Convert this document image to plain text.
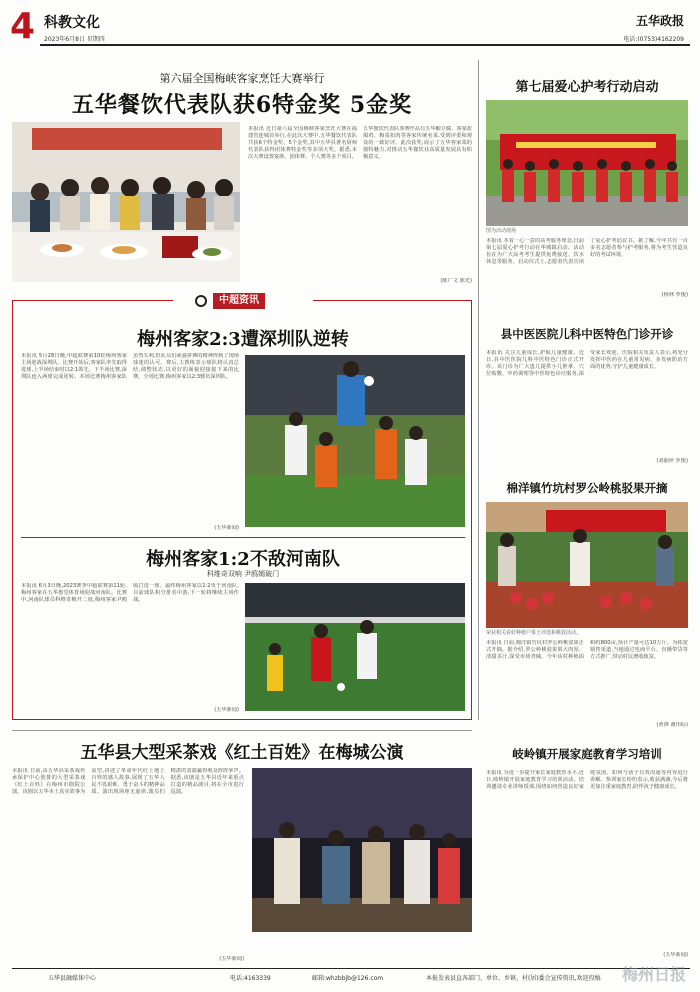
4 科教文化
2023年6月8日 星期四
五华政报
电话:(0753)4162209
第六届全国梅峡客家烹饪大赛举行
五华餐饮代表队获6特金奖 5金奖
本报讯 近日第六届全国梅峡客家烹饪大赛在福建省连城县举行,在此次大赛中,五华餐饮代表队共获6个特金奖、5个金奖,其中五华县著名厨师代表队获得团体赛特金奖等多项大奖。据悉,本次大赛设置宴席、团体赛、个人赛等多个项目。五华餐饮代表队参赛作品有五华酿豆腐、客家盐焗鸡、梅菜扣肉等客家传统名菜,受到评委和观众的一致好评。此次获奖,展示了五华客家菜的独特魅力,对推动五华餐饮业高质量发展具有积极意义。
(陈广文 陈光)
第七届爱心护考行动启动
图为活动现场
本报讯 本着一心一意的高考服务理念,日前第七届爱心护考行动在华城镇启动。活动旨在为广大高考考生提供免费接送、饮水休息等服务。启动仪式上,志愿者代表宣读了爱心护考倡议书。据了解,今年共有一百多名志愿者参与护考服务,将为考生营造良好的考试环境。
(杨林 罗俊)
中超资讯
梅州客家2:3遭深圳队逆转
本报讯 5月28日晚,中超联赛第10轮梅州客家主场迎战深圳队。比赛开始后,客家队率先取得进球,上半场结束时以2:1领先。下半场比赛,深圳队连入两球完成逆转。本场比赛梅州客家队虽然失利,但队员们顽强拼搏的精神得到了现场球迷的认可。赛后,主教练表示球队将认真总结,调整状态,以更好的面貌迎接接下来的比赛。全场比赛,梅州客家以2:3憾负深圳队。
(五华新闻)
梅州客家1:2不敌河南队
科维奇双响 尹鸥嫣破门
本报讯 6月3日晚,2023赛季中超联赛第11轮,梅州客家在五华惠堂体育场迎战河南队。比赛中,河南队球员科维奇梅开二度,梅州客家尹鸥嫣打进一球。最终梅州客家以1:2负于河南队,目前球队积分排名中游,下一轮将继续主场作战。
(五华新闻)
县中医医院儿科中医特色门诊开诊
本报讯 关注儿童成长,护航儿童健康。近日,县中医医院儿科中医特色门诊正式开诊。该门诊为广大患儿提供小儿推拿、穴位贴敷、中药调理等中医特色诊疗服务,深受家长欢迎。医院相关负责人表示,将充分发挥中医药在儿童常见病、多发病防治方面的优势,守护儿童健康成长。
(刘丽萍 罗俊)
棉洋镇竹坑村罗公岭桃驳果开摘
荣获相关看好种植户果王评选和桃驳活动。
本报讯 日前,棉洋镇竹坑村罗公岭桃驳果正式开摘。据介绍,罗公岭桃驳果果大肉厚、清甜多汁,深受市场青睐。今年该村种植面积约800亩,预计产量可达10万斤。为拓宽销售渠道,当地通过电商平台、直播带货等方式推广,带动村民增收致富。
(黄锋 谢伟标)
五华县大型采茶戏《红土百姓》在梅城公演
本报讯 日前,由五华县采茶戏传承保护中心创排的大型采茶戏《红土百姓》在梅州市剧院公演。该剧以五华本土真实故事为原型,讲述了革命年代红土地上百姓的感人故事,展现了五华人民不畏艰难、勇于奋斗的精神品质。演出现场座无虚席,演员们精湛的表演赢得观众阵阵掌声。据悉,该剧是五华县近年来重点打造的精品剧目,将在全市进行巡演。
(五华新闻)
岐岭镇开展家庭教育学习培训
本报讯 为进一步提升家长家庭教育水平,近日,岐岭镇开展家庭教育学习培训活动。培训邀请专业讲师授课,围绕如何营造良好家庭氛围、如何与孩子有效沟通等内容进行讲解。参训家长纷纷表示,收获满满,今后将更加注重家庭教育,陪伴孩子健康成长。
(五华新闻)
五华县融媒体中心	电话:4163339	邮箱:whzbbjb@126.com	本报发表县直各部门、单位、乡镇、村(居)委会宣传资讯,欢迎投稿	梅州日报
